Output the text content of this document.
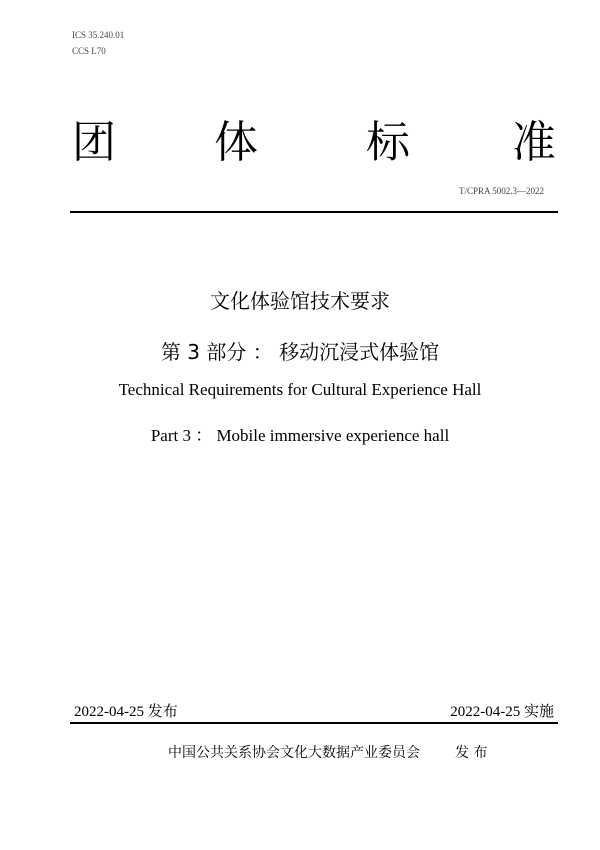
ICS 35.240.01
CCS L70
团 体 标 准
T/CPRA 5002.3—2022
文化体验馆技术要求
第 3 部分 ： 移动沉浸式体验馆
Technical Requirements for Cultural Experience Hall
Part 3 ： Mobile immersive experience hall
2022-04-25 发布	2022-04-25 实施
中国公共关系协会文化大数据产业委员会	发 布
